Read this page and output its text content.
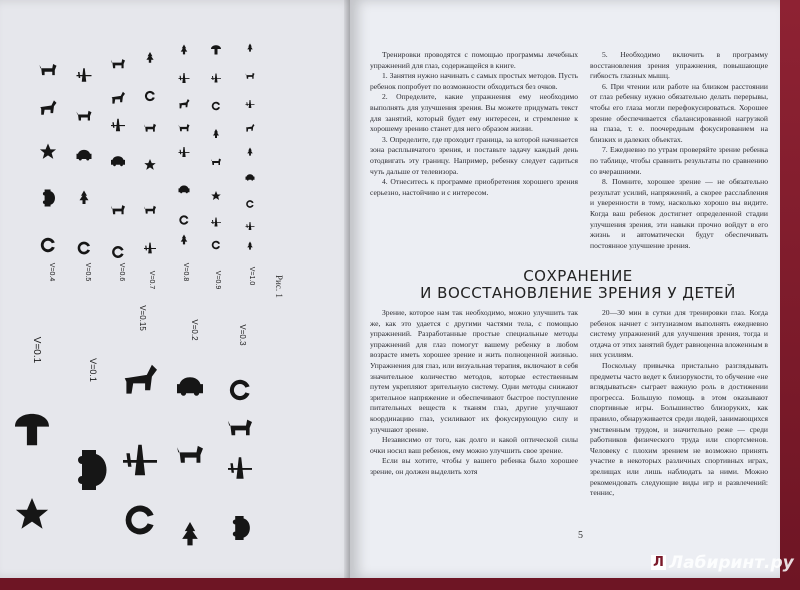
V=0.1
V=0.1
V=0.15	V=0.2	V=0.3
V=0.4	V=0.5	V=0.6	V=0.7	V=0.8	V=0.9	V=1.0 Рис. 1

Тренировки проводятся с помощью программы лечебных упражнений для глаз, содержащейся в книге.

1. Занятия нужно начинать с самых простых методов. Пусть ребенок попробует по возможности обходиться без очков.

2. Определите, какие упражнения ему необходимо выполнять для улучшения зрения. Вы можете придумать текст для занятий, который будет ему интересен, и стремление к хорошему зрению станет для него образом жизни.

3. Определите, где проходит граница, за которой начинается зона расплывчатого зрения, и поставьте задачу каждый день отодвигать эту границу. Например, ребенку следует садиться чуть дальше от телевизора.

4. Отнеситесь к программе приобретения хорошего зрения серьезно, настойчиво и с интересом.

5. Необходимо включить в программу восстановления зрения упражнения, повышающие гибкость глазных мышц.

6. При чтении или работе на близком расстоянии от глаз ребенку нужно обязательно делать перерывы, чтобы его глаза могли перефокусироваться. Хорошее зрение обеспечивается сбалансированной нагрузкой на глаза, т. е. поочередным фокусированием на близких и далеких объектах.

7. Ежедневно по утрам проверяйте зрение ребенка по таблице, чтобы сравнить результаты по сравнению со вчерашними.

8. Помните, хорошее зрение — не обязательно результат усилий, напряжений, а скорее расслабления и уверенности в тому, насколько хорошо вы видите. Когда ваш ребенок достигнет определенной стадии улучшения зрения, эти навыки прочно войдут в его жизнь и автоматически будут обеспечивать постоянное улучшение зрения.

СОХРАНЕНИЕ
И ВОССТАНОВЛЕНИЕ ЗРЕНИЯ У ДЕТЕЙ

Зрение, которое нам так необходимо, можно улучшить так же, как это удается с другими частями тела, с помощью упражнений. Разработанные простые специальные методы упражнений для глаз помогут вашему ребенку в любом возрасте иметь хорошее зрение и жить полноценной жизнью. Упражнения для глаз, или визуальная терапия, включают в себя значительное количество методов, которые естественным путем укрепляют зрительную систему. Одни методы снижают зрительное напряжение и обеспечивают быстрое поступление питательных веществ к тканям глаз, другие улучшают координацию глаз, усиливают их фокусирующую силу и улучшают зрение.

Независимо от того, как долго и какой оптической силы очки носил ваш ребенок, ему можно улучшить свое зрение.

Если вы хотите, чтобы у вашего ребенка было хорошее зрение, он должен выделить хотя

20—30 мин в сутки для тренировки глаз. Когда ребенок начнет с энтузиазмом выполнять ежедневно систему упражнений для улучшения зрения, тогда и отдача от этих занятий будет равноценна вложенным в них усилиям.

Поскольку привычка пристально разглядывать предметы часто ведет к близорукости, то обучение «не вглядываться» сыграет важную роль в достижении прогресса. Большую помощь в этом оказывают спортивные игры. Большинство близоруких, как правило, обнаруживается среди людей, занимающихся умственным трудом, и значительно реже — среди работников физического труда или спортсменов. Человеку с плохим зрением не возможно принять участие в некоторых различных спортивных играх, зрелищах или лишь наблюдать за ними. Можно рекомендовать следующие виды игр и развлечений: теннис,

5
Л Лабиринт.ру
